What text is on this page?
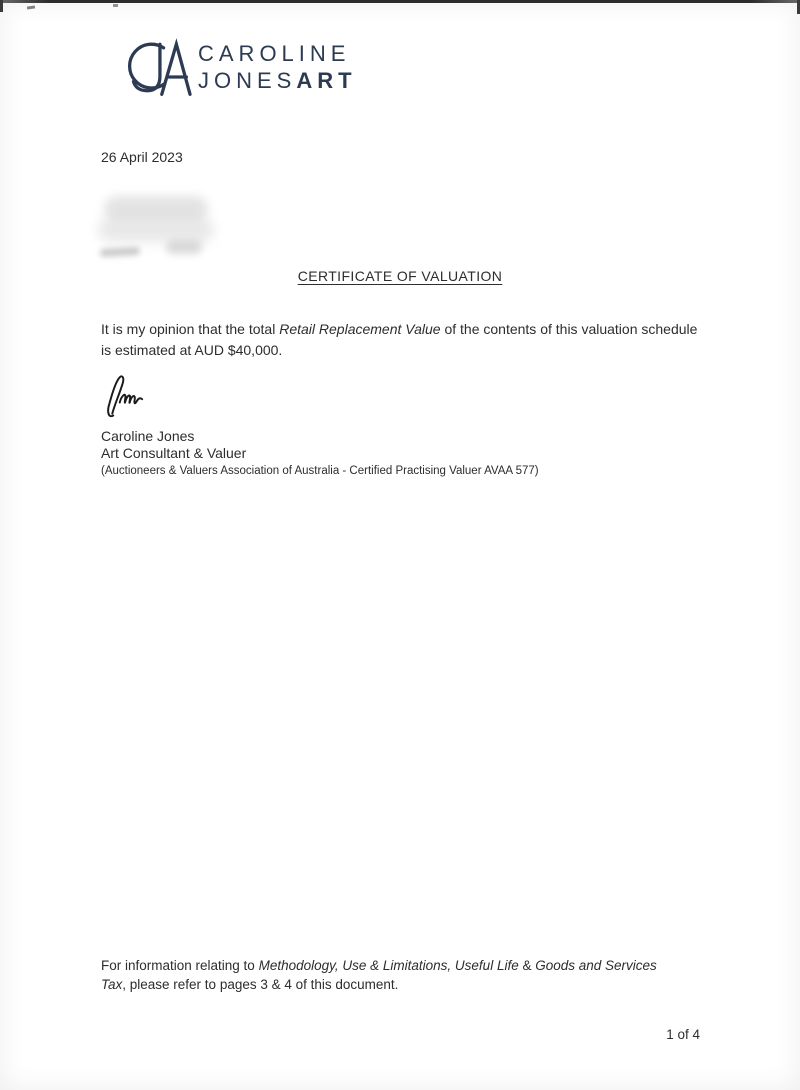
CAROLINE
JONESART
26 April 2023
CERTIFICATE OF VALUATION

It is my opinion that the total Retail Replacement Value of the contents of this valuation schedule is estimated at AUD $40,000.

Caroline Jones
Art Consultant & Valuer
(Auctioneers & Valuers Association of Australia - Certified Practising Valuer AVAA 577)

For information relating to Methodology, Use & Limitations, Useful Life & Goods and Services Tax, please refer to pages 3 & 4 of this document.

1 of 4
